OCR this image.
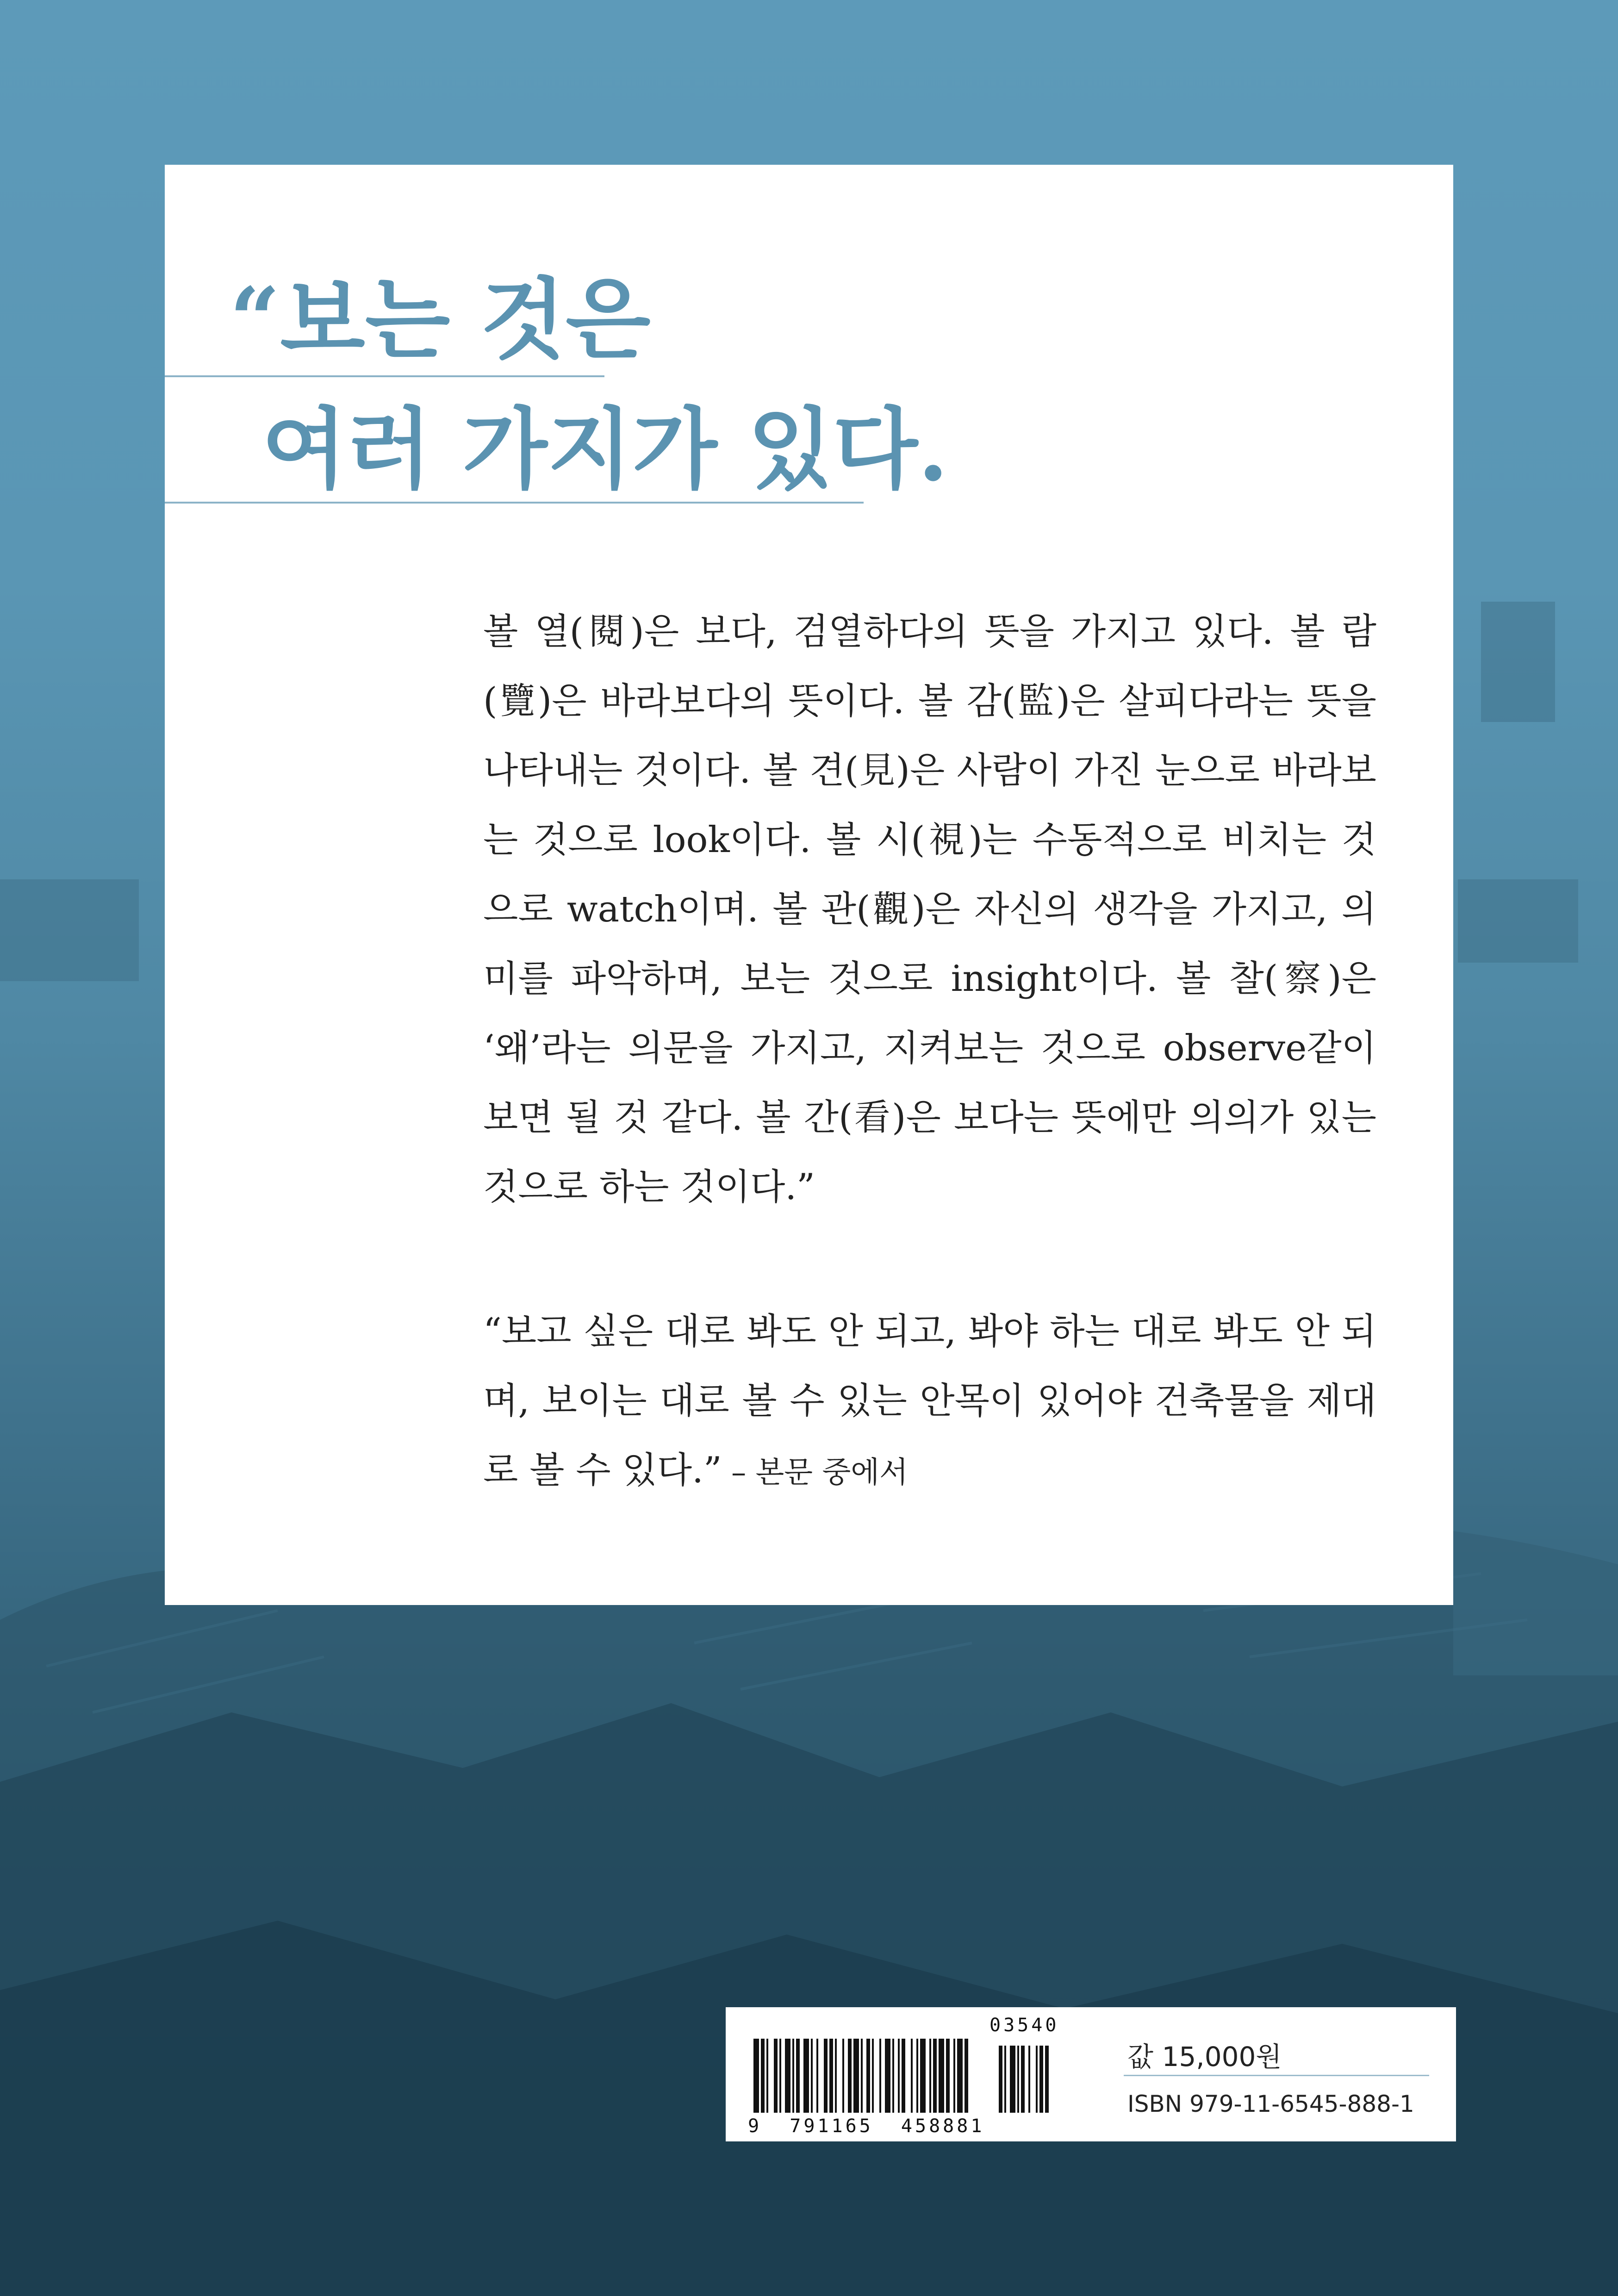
“보는 것은
여러 가지가 있다.
볼 열(閱)은 보다, 검열하다의 뜻을 가지고 있다. 볼 람(覽)은 바라보다의 뜻이다. 볼 감(監)은 살피다라는 뜻을 나타내는 것이다. 볼 견(見)은 사람이 가진 눈으로 바라보는 것으로 look이다. 볼 시(視)는 수동적으로 비치는 것으로 watch이며. 볼 관(觀)은 자신의 생각을 가지고, 의미를 파악하며, 보는 것으로 insight이다. 볼 찰(察)은 ‘왜’라는 의문을 가지고, 지켜보는 것으로 observe같이 보면 될 것 같다. 볼 간(看)은 보다는 뜻에만 의의가 있는 것으로 하는 것이다.”
“보고 싶은 대로 봐도 안 되고, 봐야 하는 대로 봐도 안 되며, 보이는 대로 볼 수 있는 안목이 있어야 건축물을 제대로 볼 수 있다.” – 본문 중에서
03540
9  791165  458881
값 15,000원
ISBN 979-11-6545-888-1
